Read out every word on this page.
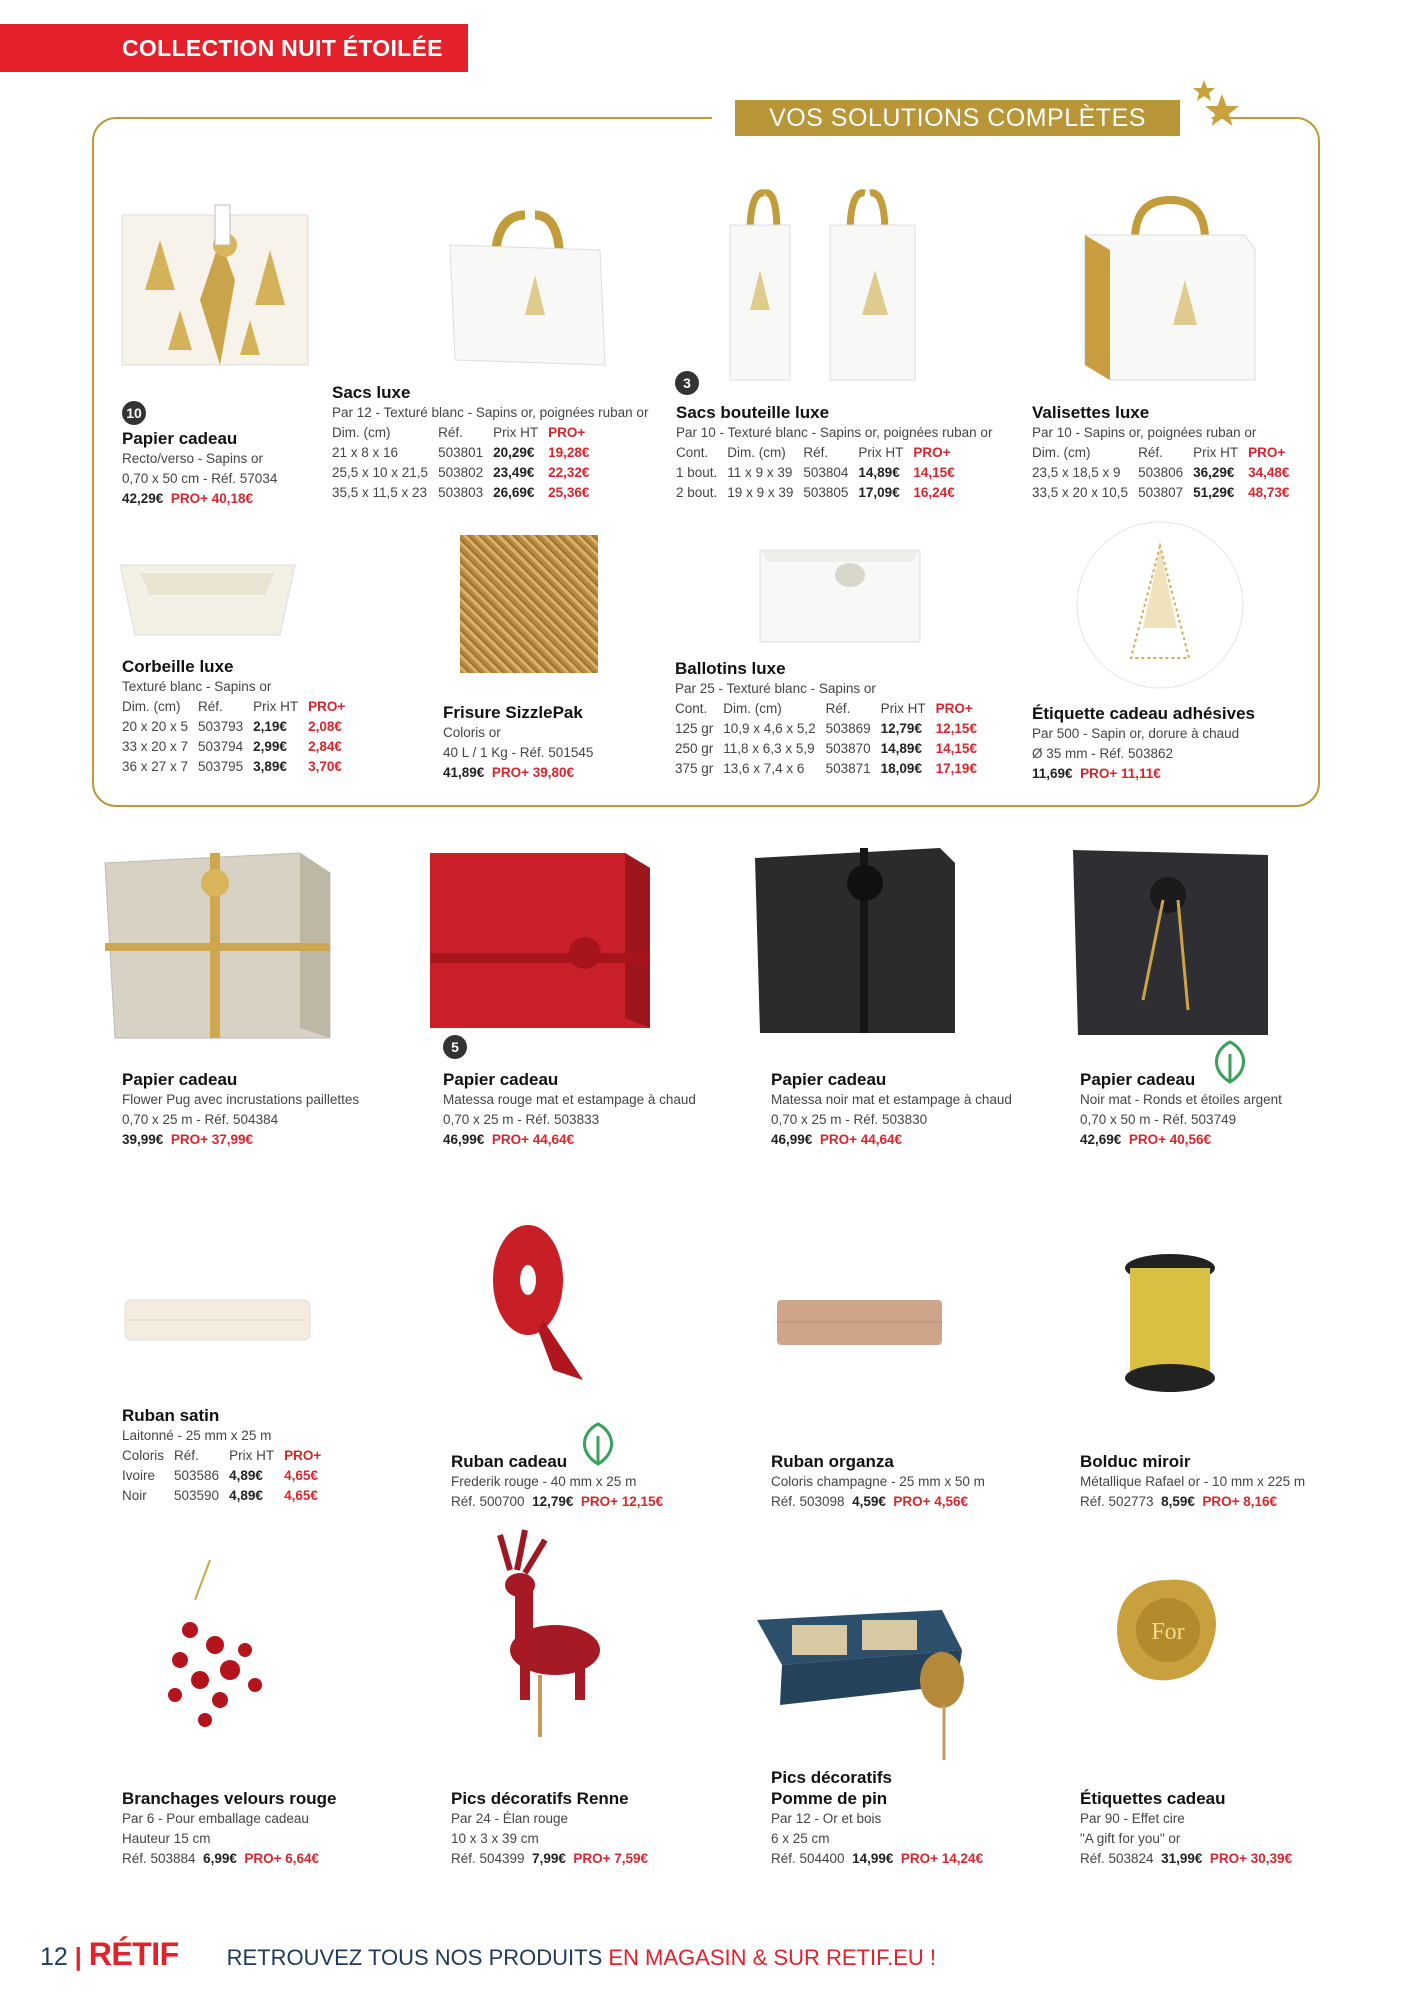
COLLECTION NUIT ÉTOILÉE
VOS SOLUTIONS COMPLÈTES
10
3
Papier cadeau
Recto/verso - Sapins or
0,70 x 50 cm - Réf. 57034
42,29€ PRO+ 40,18€
Sacs luxe
Par 12 - Texturé blanc - Sapins or, poignées ruban or
Dim. (cm)	Réf.	Prix HT	PRO+
21 x 8 x 16	503801	20,29€	19,28€
25,5 x 10 x 21,5	503802	23,49€	22,32€
35,5 x 11,5 x 23	503803	26,69€	25,36€
Sacs bouteille luxe
Par 10 - Texturé blanc - Sapins or, poignées ruban or
Cont.	Dim. (cm)	Réf.	Prix HT	PRO+
1 bout.	11 x 9 x 39	503804	14,89€	14,15€
2 bout.	19 x 9 x 39	503805	17,09€	16,24€
Valisettes luxe
Par 10 - Sapins or, poignées ruban or
Dim. (cm)	Réf.	Prix HT	PRO+
23,5 x 18,5 x 9	503806	36,29€	34,48€
33,5 x 20 x 10,5	503807	51,29€	48,73€
Corbeille luxe
Texturé blanc - Sapins or
Dim. (cm)	Réf.	Prix HT	PRO+
20 x 20 x 5	503793	2,19€	2,08€
33 x 20 x 7	503794	2,99€	2,84€
36 x 27 x 7	503795	3,89€	3,70€
Frisure SizzlePak
Coloris or
40 L / 1 Kg - Réf. 501545
41,89€ PRO+ 39,80€
Ballotins luxe
Par 25 - Texturé blanc - Sapins or
Cont.	Dim. (cm)	Réf.	Prix HT	PRO+
125 gr	10,9 x 4,6 x 5,2	503869	12,79€	12,15€
250 gr	11,8 x 6,3 x 5,9	503870	14,89€	14,15€
375 gr	13,6 x 7,4 x 6	503871	18,09€	17,19€
Étiquette cadeau adhésives
Par 500 - Sapin or, dorure à chaud
Ø 35 mm - Réf. 503862
11,69€ PRO+ 11,11€
5
Papier cadeau
Flower Pug avec incrustations paillettes
0,70 x 25 m - Réf. 504384
39,99€ PRO+ 37,99€
Papier cadeau
Matessa rouge mat et estampage à chaud
0,70 x 25 m - Réf. 503833
46,99€ PRO+ 44,64€
Papier cadeau
Matessa noir mat et estampage à chaud
0,70 x 25 m - Réf. 503830
46,99€ PRO+ 44,64€
Papier cadeau
Noir mat - Ronds et étoiles argent
0,70 x 50 m - Réf. 503749
42,69€ PRO+ 40,56€
Ruban satin
Laitonné - 25 mm x 25 m
Coloris	Réf.	Prix HT	PRO+
Ivoire	503586	4,89€	4,65€
Noir	503590	4,89€	4,65€
Ruban cadeau
Frederik rouge - 40 mm x 25 m
Réf. 500700 12,79€ PRO+ 12,15€
Ruban organza
Coloris champagne - 25 mm x 50 m
Réf. 503098 4,59€ PRO+ 4,56€
Bolduc miroir
Métallique Rafael or - 10 mm x 225 m
Réf. 502773 8,59€ PRO+ 8,16€
For
Branchages velours rouge
Par 6 - Pour emballage cadeau
Hauteur 15 cm
Réf. 503884 6,99€ PRO+ 6,64€
Pics décoratifs Renne
Par 24 - Élan rouge
10 x 3 x 39 cm
Réf. 504399 7,99€ PRO+ 7,59€
Pics décoratifs
Pomme de pin
Par 12 - Or et bois
6 x 25 cm
Réf. 504400 14,99€ PRO+ 14,24€
Étiquettes cadeau
Par 90 - Effet cire
"A gift for you" or
Réf. 503824 31,99€ PRO+ 30,39€
12 | RÉTIF RETROUVEZ TOUS NOS PRODUITS EN MAGASIN & SUR RETIF.EU !
